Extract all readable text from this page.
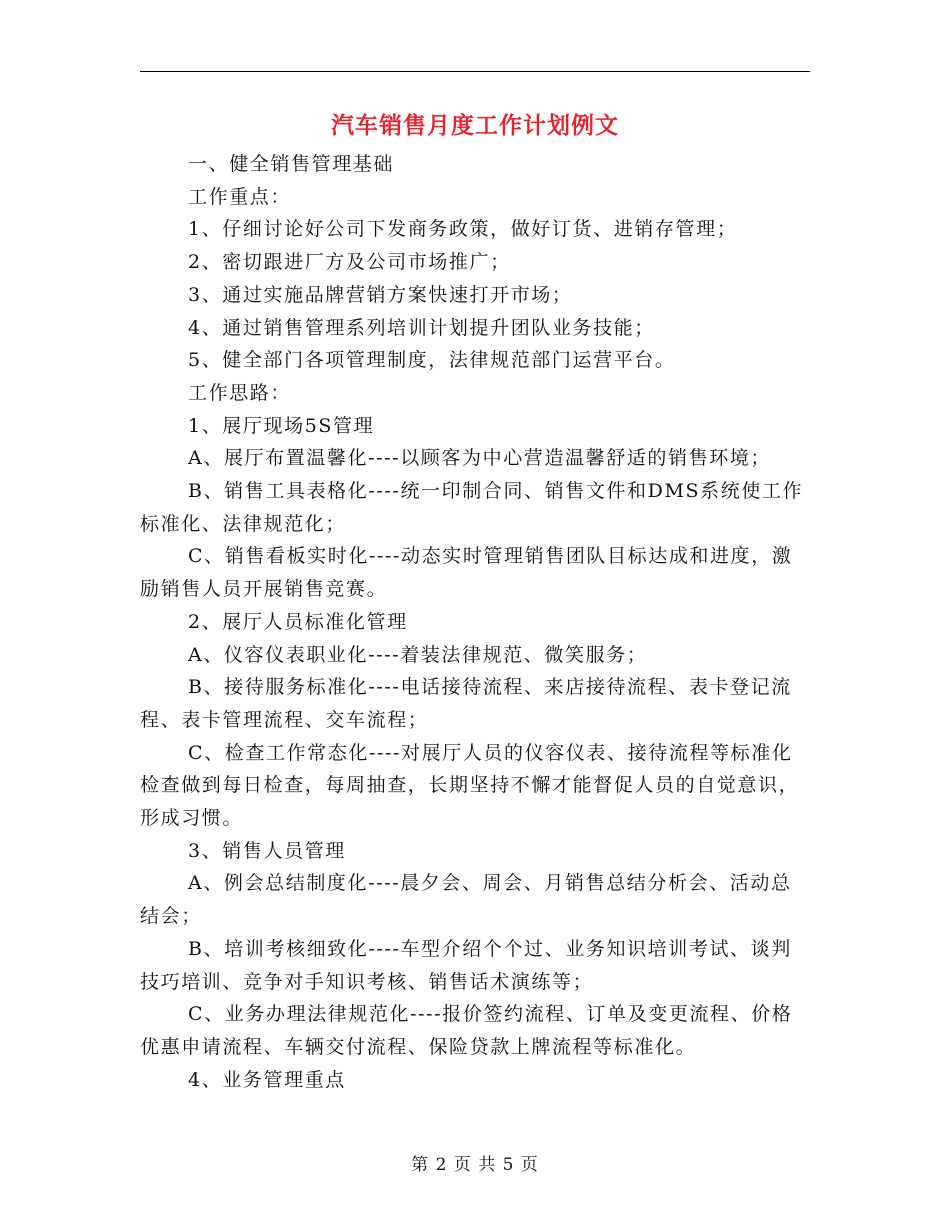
汽车销售月度工作计划例文

一、健全销售管理基础

工作重点：

1、仔细讨论好公司下发商务政策，做好订货、进销存管理；

2、密切跟进厂方及公司市场推广；

3、通过实施品牌营销方案快速打开市场；

4、通过销售管理系列培训计划提升团队业务技能；

5、健全部门各项管理制度，法律规范部门运营平台。

工作思路：

1、展厅现场5S管理

A、展厅布置温馨化----以顾客为中心营造温馨舒适的销售环境；

B、销售工具表格化----统一印制合同、销售文件和DMS系统使工作标准化、法律规范化；

C、销售看板实时化----动态实时管理销售团队目标达成和进度，激励销售人员开展销售竞赛。

2、展厅人员标准化管理

A、仪容仪表职业化----着装法律规范、微笑服务；

B、接待服务标准化----电话接待流程、来店接待流程、表卡登记流程、表卡管理流程、交车流程；

C、检查工作常态化----对展厅人员的仪容仪表、接待流程等标准化检查做到每日检查，每周抽查，长期坚持不懈才能督促人员的自觉意识，形成习惯。

3、销售人员管理

A、例会总结制度化----晨夕会、周会、月销售总结分析会、活动总结会；

B、培训考核细致化----车型介绍个个过、业务知识培训考试、谈判技巧培训、竞争对手知识考核、销售话术演练等；

C、业务办理法律规范化----报价签约流程、订单及变更流程、价格优惠申请流程、车辆交付流程、保险贷款上牌流程等标准化。

4、业务管理重点

第 2 页 共 5 页
